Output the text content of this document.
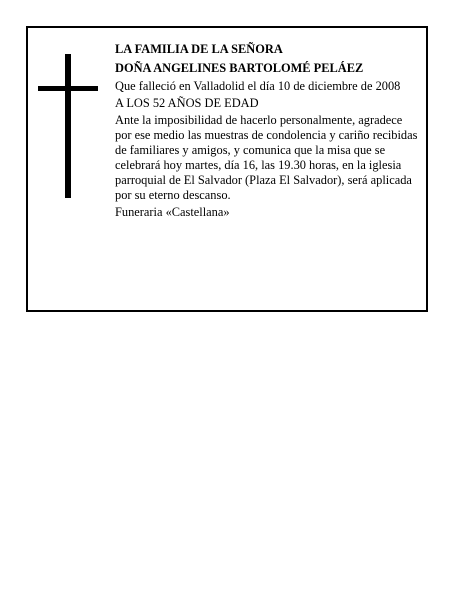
LA FAMILIA DE LA SEÑORA
DOÑA ANGELINES BARTOLOMÉ PELÁEZ
Que falleció en Valladolid el día 10 de diciembre de 2008
A LOS 52 AÑOS DE EDAD
Ante la imposibilidad de hacerlo personalmente, agradece por ese medio las muestras de condolencia y cariño recibidas de familiares y amigos, y comunica que la misa que se celebrará hoy martes, día 16, las 19.30 horas, en la iglesia parroquial de El Salvador (Plaza El Salvador), será aplicada por su eterno descanso.
Funeraria «Castellana»
